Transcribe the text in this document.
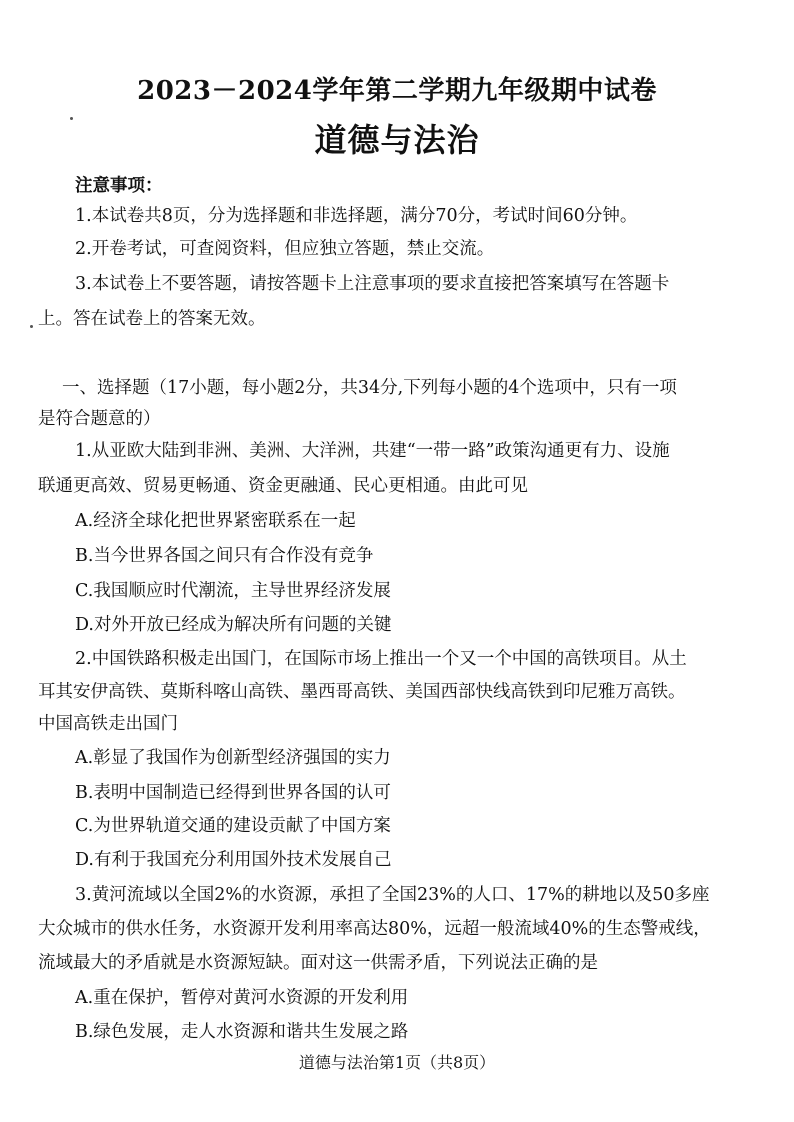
2023－2024学年第二学期九年级期中试卷
道德与法治
注意事项：
1.本试卷共8页，分为选择题和非选择题，满分70分，考试时间60分钟。
2.开卷考试，可查阅资料，但应独立答题，禁止交流。
3.本试卷上不要答题，请按答题卡上注意事项的要求直接把答案填写在答题卡
上。答在试卷上的答案无效。
一、选择题（17小题，每小题2分，共34分,下列每小题的4个选项中，只有一项
是符合题意的）
1.从亚欧大陆到非洲、美洲、大洋洲，共建“一带一路”政策沟通更有力、设施
联通更高效、贸易更畅通、资金更融通、民心更相通。由此可见
A.经济全球化把世界紧密联系在一起
B.当今世界各国之间只有合作没有竞争
C.我国顺应时代潮流，主导世界经济发展
D.对外开放已经成为解决所有问题的关键
2.中国铁路积极走出国门，在国际市场上推出一个又一个中国的高铁项目。从土
耳其安伊高铁、莫斯科喀山高铁、墨西哥高铁、美国西部快线高铁到印尼雅万高铁。
中国高铁走出国门
A.彰显了我国作为创新型经济强国的实力
B.表明中国制造已经得到世界各国的认可
C.为世界轨道交通的建设贡献了中国方案
D.有利于我国充分利用国外技术发展自己
3.黄河流域以全国2%的水资源，承担了全国23%的人口、17%的耕地以及50多座
大众城市的供水任务，水资源开发利用率高达80%，远超一般流域40%的生态警戒线，
流域最大的矛盾就是水资源短缺。面对这一供需矛盾，下列说法正确的是
A.重在保护，暂停对黄河水资源的开发利用
B.绿色发展，走人水资源和谐共生发展之路
道德与法治第1页（共8页）
